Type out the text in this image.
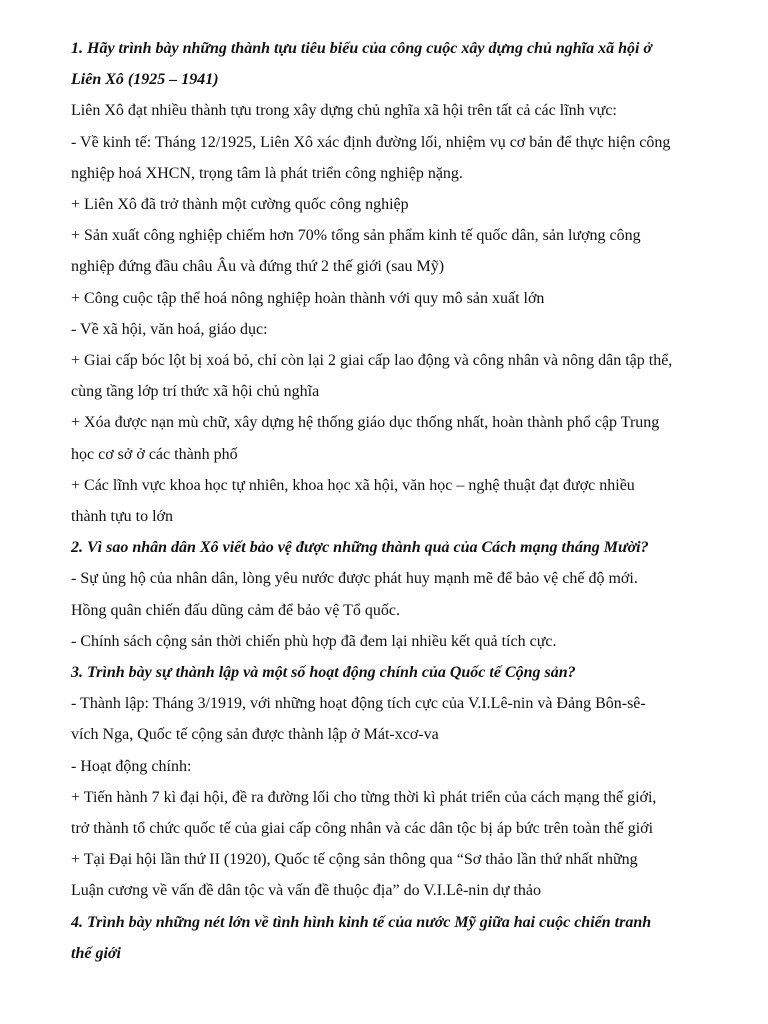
1. Hãy trình bày những thành tựu tiêu biểu của công cuộc xây dựng chủ nghĩa xã hội ở
Liên Xô (1925 – 1941)
Liên Xô đạt nhiều thành tựu trong xây dựng chủ nghĩa xã hội trên tất cả các lĩnh vực:
- Về kinh tế: Tháng 12/1925, Liên Xô xác định đường lối, nhiệm vụ cơ bản để thực hiện công
nghiệp hoá XHCN, trọng tâm là phát triển công nghiệp nặng.
+ Liên Xô đã trở thành một cường quốc công nghiệp
+ Sản xuất công nghiệp chiếm hơn 70% tổng sản phẩm kinh tế quốc dân, sản lượng công
nghiệp đứng đầu châu Âu và đứng thứ 2 thế giới (sau Mỹ)
+ Công cuộc tập thể hoá nông nghiệp hoàn thành với quy mô sản xuất lớn
- Về xã hội, văn hoá, giáo dục:
+ Giai cấp bóc lột bị xoá bỏ, chỉ còn lại 2 giai cấp lao động và công nhân và nông dân tập thể,
cùng tầng lớp trí thức xã hội chủ nghĩa
+ Xóa được nạn mù chữ, xây dựng hệ thống giáo dục thống nhất, hoàn thành phổ cập Trung
học cơ sở ở các thành phố
+ Các lĩnh vực khoa học tự nhiên, khoa học xã hội, văn học – nghệ thuật đạt được nhiều
thành tựu to lớn
2. Vì sao nhân dân Xô viết bảo vệ được những thành quả của Cách mạng tháng Mười?
- Sự ủng hộ của nhân dân, lòng yêu nước được phát huy mạnh mẽ để bảo vệ chế độ mới.
Hồng quân chiến đấu dũng cảm để bảo vệ Tổ quốc.
- Chính sách cộng sản thời chiến phù hợp đã đem lại nhiều kết quả tích cực.
3. Trình bày sự thành lập và một số hoạt động chính của Quốc tế Cộng sản?
- Thành lập: Tháng 3/1919, với những hoạt động tích cực của V.I.Lê-nin và Đảng Bôn-sê-
vích Nga, Quốc tế cộng sản được thành lập ở Mát-xcơ-va
- Hoạt động chính:
+ Tiến hành 7 kì đại hội, đề ra đường lối cho từng thời kì phát triển của cách mạng thế giới,
trở thành tổ chức quốc tế của giai cấp công nhân và các dân tộc bị áp bức trên toàn thế giới
+ Tại Đại hội lần thứ II (1920), Quốc tế cộng sản thông qua “Sơ thảo lần thứ nhất những
Luận cương về vấn đề dân tộc và vấn đề thuộc địa” do V.I.Lê-nin dự thảo
4. Trình bày những nét lớn về tình hình kinh tế của nước Mỹ giữa hai cuộc chiến tranh
thế giới
